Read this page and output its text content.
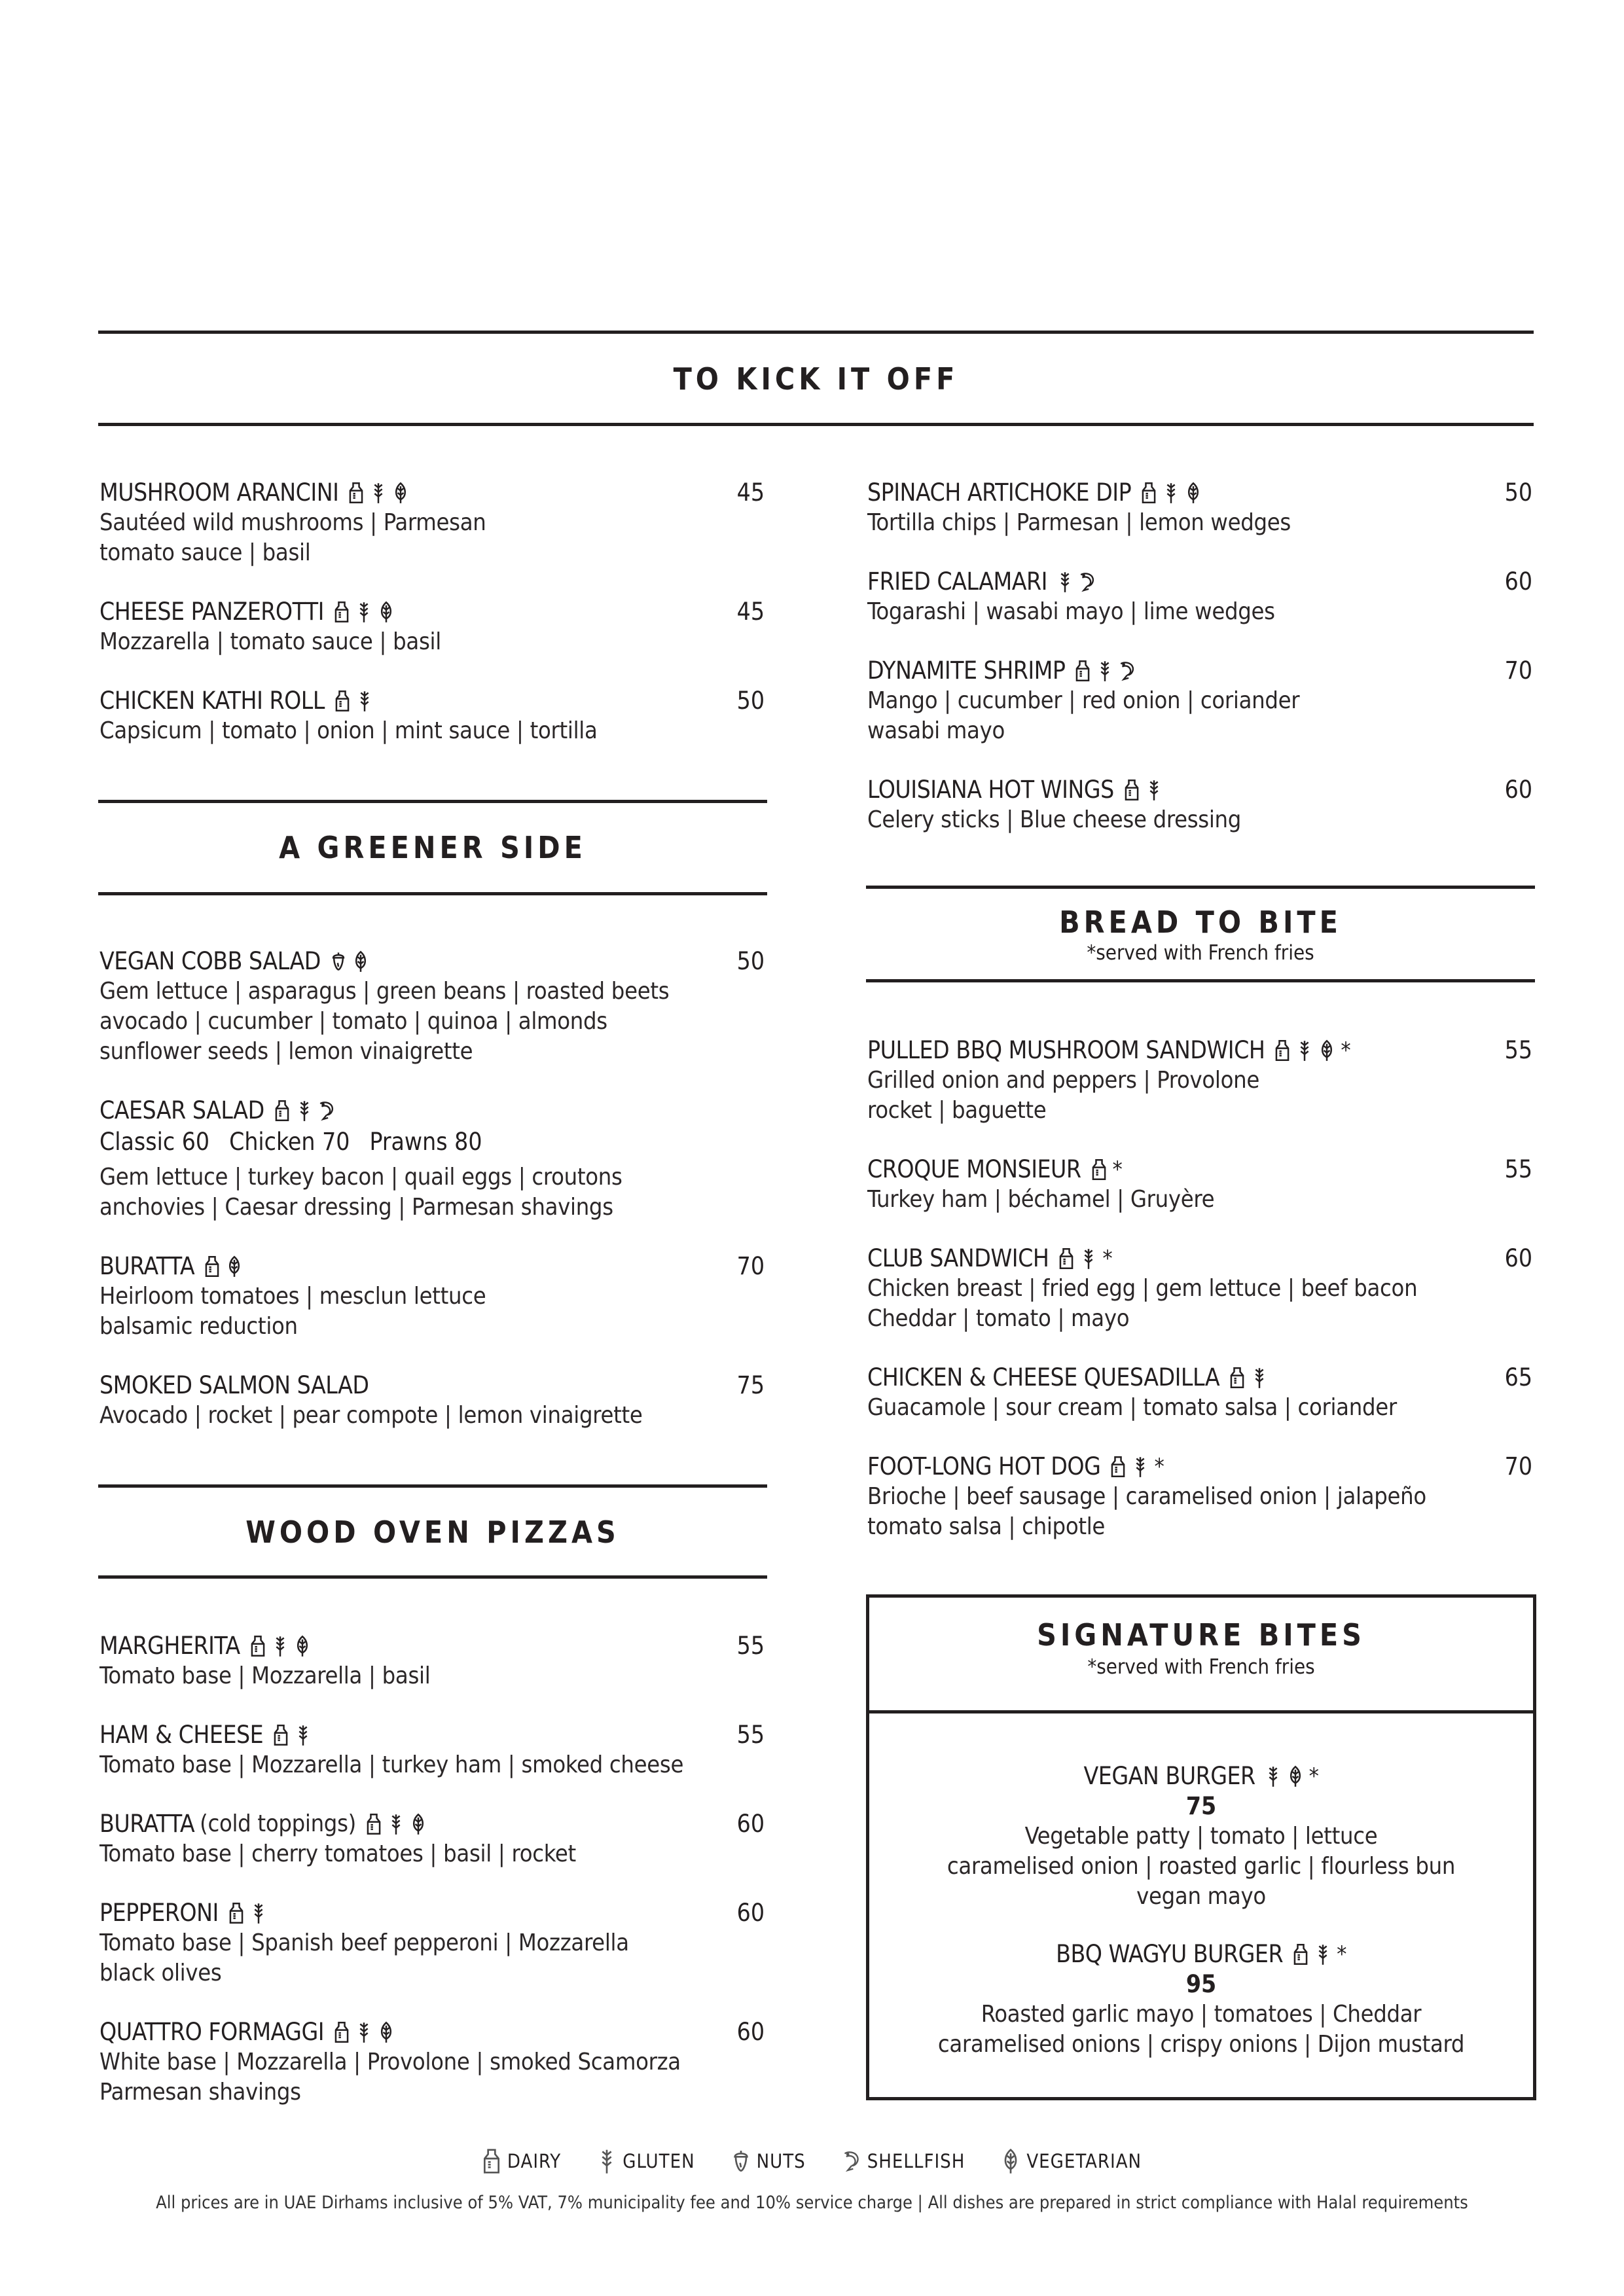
TO KICK IT OFF
MUSHROOM ARANCINI	45
Sautéed wild mushrooms | Parmesan
tomato sauce | basil
CHEESE PANZEROTTI	45
Mozzarella | tomato sauce | basil
CHICKEN KATHI ROLL	50
Capsicum | tomato | onion | mint sauce | tortilla
SPINACH ARTICHOKE DIP	50
Tortilla chips | Parmesan | lemon wedges
FRIED CALAMARI	60
Togarashi | wasabi mayo | lime wedges
DYNAMITE SHRIMP	70
Mango | cucumber | red onion | coriander
wasabi mayo
LOUISIANA HOT WINGS	60
Celery sticks | Blue cheese dressing
A GREENER SIDE
VEGAN COBB SALAD	50
Gem lettuce | asparagus | green beans | roasted beets
avocado | cucumber | tomato | quinoa | almonds
sunflower seeds | lemon vinaigrette
CAESAR SALAD
Classic 60 Chicken 70 Prawns 80
Gem lettuce | turkey bacon | quail eggs | croutons
anchovies | Caesar dressing | Parmesan shavings
BURATTA	70
Heirloom tomatoes | mesclun lettuce
balsamic reduction
SMOKED SALMON SALAD	75
Avocado | rocket | pear compote | lemon vinaigrette
WOOD OVEN PIZZAS
MARGHERITA	55
Tomato base | Mozzarella | basil
HAM & CHEESE	55
Tomato base | Mozzarella | turkey ham | smoked cheese
BURATTA (cold toppings)	60
Tomato base | cherry tomatoes | basil | rocket
PEPPERONI	60
Tomato base | Spanish beef pepperoni | Mozzarella
black olives
QUATTRO FORMAGGI	60
White base | Mozzarella | Provolone | smoked Scamorza
Parmesan shavings
BREAD TO BITE
*served with French fries
PULLED BBQ MUSHROOM SANDWICH	*	55
Grilled onion and peppers | Provolone
rocket | baguette
CROQUE MONSIEUR *	55
Turkey ham | béchamel | Gruyère
CLUB SANDWICH *	60
Chicken breast | fried egg | gem lettuce | beef bacon
Cheddar | tomato | mayo
CHICKEN & CHEESE QUESADILLA	65
Guacamole | sour cream | tomato salsa | coriander
FOOT-LONG HOT DOG *	70
Brioche | beef sausage | caramelised onion | jalapeño
tomato salsa | chipotle
SIGNATURE BITES
*served with French fries
VEGAN BURGER *
75
Vegetable patty | tomato | lettuce
caramelised onion | roasted garlic | flourless bun
vegan mayo
BBQ WAGYU BURGER *
95
Roasted garlic mayo | tomatoes | Cheddar
caramelised onions | crispy onions | Dijon mustard
DAIRY	GLUTEN	NUTS	SHELLFISH	VEGETARIAN
All prices are in UAE Dirhams inclusive of 5% VAT, 7% municipality fee and 10% service charge | All dishes are prepared in strict compliance with Halal requirements
